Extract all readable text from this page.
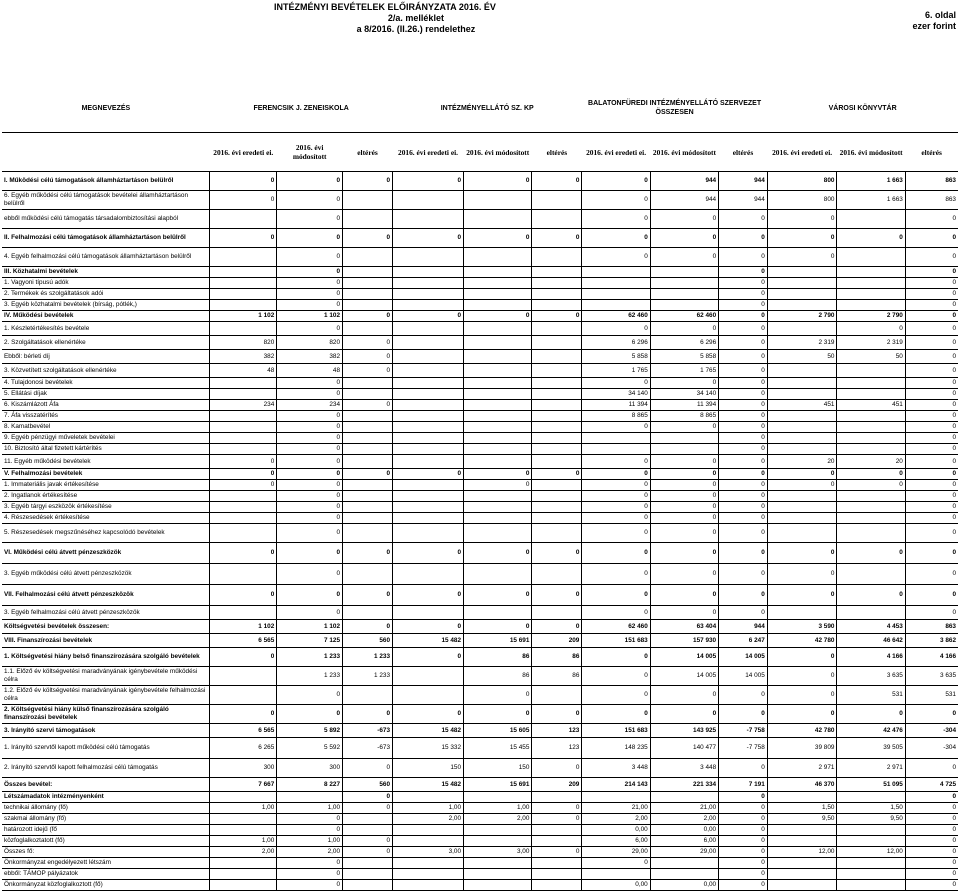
INTÉZMÉNYI BEVÉTELEK ELŐIRÁNYZATA 2016. ÉV
2/a. melléklet
a 8/2016. (II.26.) rendelethez
6. oldal
ezer forint
MEGNEVEZÉS	FERENCSIK J. ZENEISKOLA			INTÉZMÉNYELLÁTÓ SZ. KP			BALATONFÜREDI INTÉZMÉNYELLÁTÓ SZERVEZET ÖSSZESEN			VÁROSI KÖNYVTÁR		
	2016. évi eredeti ei.	2016. évi módosított	eltérés	2016. évi eredeti ei.	2016. évi módosított	eltérés	2016. évi eredeti ei.	2016. évi módosított	eltérés	2016. évi eredeti ei.	2016. évi módosított	eltérés
I. Működési célú támogatások államháztartáson belülről	0	0	0	0	0	0	0	944	944	800	1 663	863
6. Egyéb működési célú támogatások bevételei államháztartáson belülről	0	0					0	944	944	800	1 663	863
ebből működési célú támogatás társadalombiztosítási alapból		0					0	0	0	0		0
II. Felhalmozási célú támogatások államháztartáson belülről	0	0	0	0	0	0	0	0	0	0	0	0
4. Egyéb felhalmozási célú támogatások államháztartáson belülről		0					0	0	0	0		0
III. Közhatalmi bevételek		0							0			0
1. Vagyoni típusú adók		0							0			0
2. Termékek és szolgáltatások adói		0							0			0
3. Egyéb közhatalmi bevételek (bírság, pótlék,)		0							0			0
IV. Működési bevételek	1 102	1 102	0	0	0	0	62 460	62 460	0	2 790	2 790	0
1. Készletértékesítés bevétele		0					0	0	0		0	0
2. Szolgáltatások ellenértéke	820	820	0				6 296	6 296	0	2 319	2 319	0
Ebből: bérleti díj	382	382	0				5 858	5 858	0	50	50	0
3. Közvetített szolgáltatások ellenértéke	48	48	0				1 765	1 765	0			0
4. Tulajdonosi bevételek		0					0	0	0			0
5. Ellátási díjak		0					34 140	34 140	0			0
6. Kiszámlázott Áfa	234	234	0				11 394	11 394	0	451	451	0
7. Áfa visszatérítés		0					8 865	8 865	0			0
8. Kamatbevétel		0					0	0	0			0
9. Egyéb pénzügyi műveletek bevételei		0							0			0
10. Biztosító által fizetett kártérítés		0							0			0
11. Egyéb működési bevételek	0	0					0	0	0	20	20	0
V. Felhalmozási bevételek	0	0	0	0	0	0	0	0	0	0	0	0
1. Immateriális javak értékesítése	0	0			0		0	0	0	0	0	0
2. Ingatlanok értékesítése		0					0	0	0			0
3. Egyéb tárgyi eszközök értékesítése		0					0	0	0			0
4. Részesedések értékesítése		0					0	0	0			0
5. Részesedések megszűnéséhez kapcsolódó bevételek		0					0	0	0			0
VI. Működési célú átvett pénzeszközök	0	0	0	0	0	0	0	0	0	0	0	0
3. Egyéb működési célú átvett pénzeszközök		0					0	0	0	0		0
VII. Felhalmozási célú átvett pénzeszközök	0	0	0	0	0	0	0	0	0	0	0	0
3. Egyéb felhalmozási célú átvett pénzeszközök		0					0	0	0			0
Költségvetési bevételek összesen:	1 102	1 102	0	0	0	0	62 460	63 404	944	3 590	4 453	863
VIII. Finanszírozási bevételek	6 565	7 125	560	15 482	15 691	209	151 683	157 930	6 247	42 780	46 642	3 862
1. Költségvetési hiány belső finanszírozására szolgáló bevételek	0	1 233	1 233	0	86	86	0	14 005	14 005	0	4 166	4 166
1.1. Előző év költségvetési maradványának igénybevétele működési célra		1 233	1 233		86	86	0	14 005	14 005	0	3 635	3 635
1.2. Előző év költségvetési maradványának igénybevétele felhalmozási célra		0			0		0	0	0	0	531	531
2. Költségvetési hiány külső finanszírozására szolgáló finanszírozási bevételek	0	0	0	0	0	0	0	0	0	0	0	0
3. Irányító szervi támogatások	6 565	5 892	-673	15 482	15 605	123	151 683	143 925	-7 758	42 780	42 476	-304
1. Irányító szervtől kapott működési célú támogatás	6 265	5 592	-673	15 332	15 455	123	148 235	140 477	-7 758	39 809	39 505	-304
2. Irányító szervtől kapott felhalmozási célú támogatás	300	300	0	150	150	0	3 448	3 448	0	2 971	2 971	0
Összes bevétel:	7 667	8 227	560	15 482	15 691	209	214 143	221 334	7 191	46 370	51 095	4 725
Létszámadatok intézményenként			0						0			0
technikai állomány (fő)	1,00	1,00	0	1,00	1,00	0	21,00	21,00	0	1,50	1,50	0
szakmai állomány (fő)		0		2,00	2,00	0	2,00	2,00	0	9,50	9,50	0
határozott idejű (fő		0					0,00	0,00	0			0
közfoglalkoztatott (fő)	1,00	1,00	0				6,00	6,00	0			0
Összes fő:	2,00	2,00	0	3,00	3,00	0	29,00	29,00	0	12,00	12,00	0
Önkormányzat engedélyezett létszám		0					0		0			0
ebből: TÁMOP pályázatok		0							0			0
Önkormányzat közfoglalkoztott (fő)		0					0,00	0,00	0			0
